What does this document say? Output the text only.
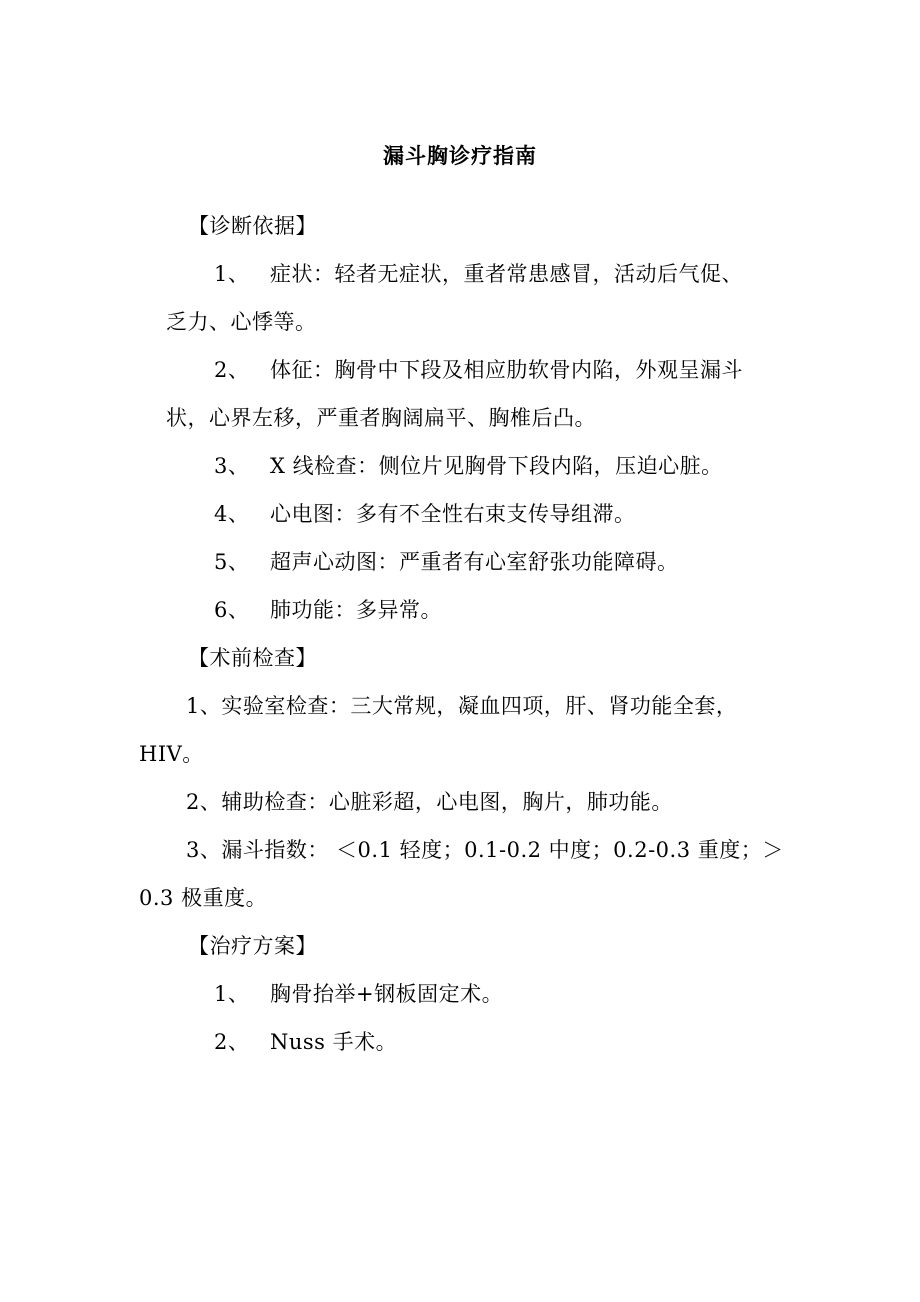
漏斗胸诊疗指南
【诊断依据】
1、 症状：轻者无症状，重者常患感冒，活动后气促、
乏力、心悸等。
2、 体征：胸骨中下段及相应肋软骨内陷，外观呈漏斗
状，心界左移，严重者胸阔扁平、胸椎后凸。
3、 X 线检查：侧位片见胸骨下段内陷，压迫心脏。
4、 心电图：多有不全性右束支传导组滞。
5、 超声心动图：严重者有心室舒张功能障碍。
6、 肺功能：多异常。
【术前检查】
1、实验室检查：三大常规，凝血四项，肝、肾功能全套，
HIV。
2、辅助检查：心脏彩超，心电图，胸片，肺功能。
3、漏斗指数： ＜0.1 轻度；0.1-0.2 中度；0.2-0.3 重度；＞
0.3 极重度。
【治疗方案】
1、 胸骨抬举+钢板固定术。
2、 Nuss 手术。
